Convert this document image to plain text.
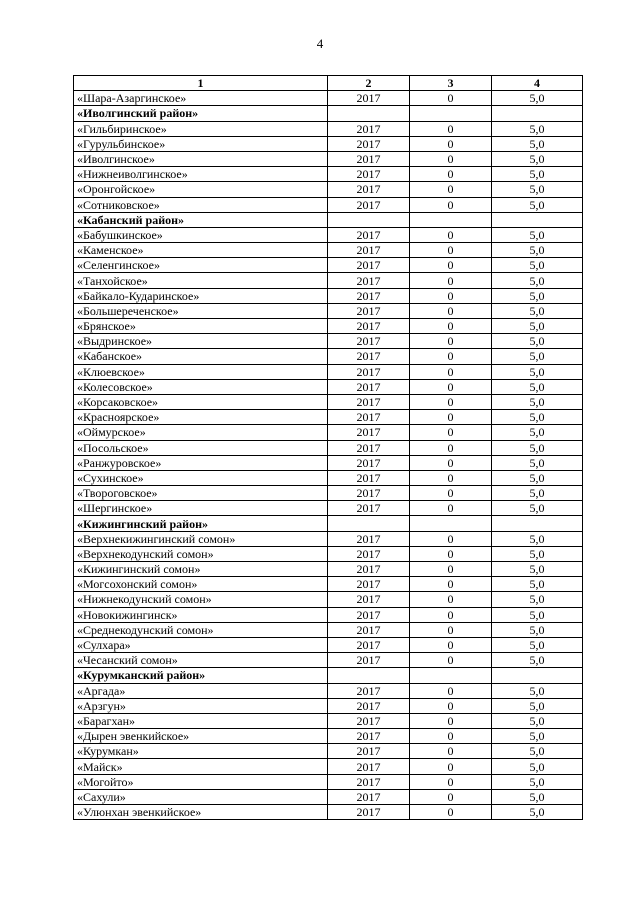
4
1	2	3	4
«Шара-Азаргинское»	2017	0	5,0
«Иволгинский район»			
«Гильбиринское»	2017	0	5,0
«Гурульбинское»	2017	0	5,0
«Иволгинское»	2017	0	5,0
«Нижнеиволгинское»	2017	0	5,0
«Оронгойское»	2017	0	5,0
«Сотниковское»	2017	0	5,0
«Кабанский район»			
«Бабушкинское»	2017	0	5,0
«Каменское»	2017	0	5,0
«Селенгинское»	2017	0	5,0
«Танхойское»	2017	0	5,0
«Байкало-Кударинское»	2017	0	5,0
«Большереченское»	2017	0	5,0
«Брянское»	2017	0	5,0
«Выдринское»	2017	0	5,0
«Кабанское»	2017	0	5,0
«Клюевское»	2017	0	5,0
«Колесовское»	2017	0	5,0
«Корсаковское»	2017	0	5,0
«Красноярское»	2017	0	5,0
«Оймурское»	2017	0	5,0
«Посольское»	2017	0	5,0
«Ранжуровское»	2017	0	5,0
«Сухинское»	2017	0	5,0
«Твороговское»	2017	0	5,0
«Шергинское»	2017	0	5,0
«Кижингинский район»			
«Верхнекижингинский сомон»	2017	0	5,0
«Верхнекодунский сомон»	2017	0	5,0
«Кижингинский сомон»	2017	0	5,0
«Могсохонский сомон»	2017	0	5,0
«Нижнекодунский сомон»	2017	0	5,0
«Новокижингинск»	2017	0	5,0
«Среднекодунский сомон»	2017	0	5,0
«Сулхара»	2017	0	5,0
«Чесанский сомон»	2017	0	5,0
«Курумканский район»			
«Аргада»	2017	0	5,0
«Арзгун»	2017	0	5,0
«Барагхан»	2017	0	5,0
«Дырен эвенкийское»	2017	0	5,0
«Курумкан»	2017	0	5,0
«Майск»	2017	0	5,0
«Могойто»	2017	0	5,0
«Сахули»	2017	0	5,0
«Улюнхан эвенкийское»	2017	0	5,0
